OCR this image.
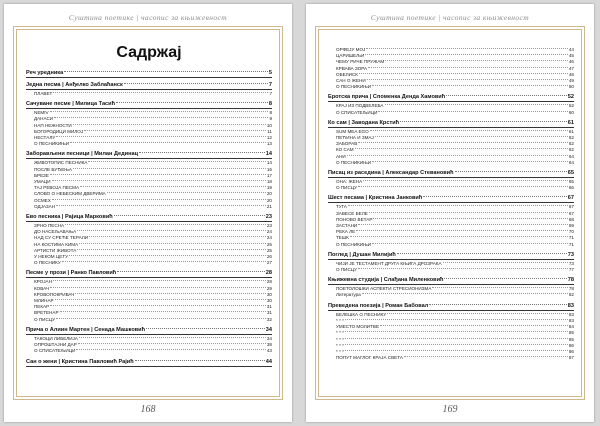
Суштина поетике | часопис за књижевност
Садржај
Реч уредника	5
Једна песма | Анђелко Заблаћанск	7
ПЛАВЕТ	7
Сачуване песме | Милица Тасић	8
NEMIV	8
ДАНАСИ	9
НАП НЕЖНОСТИ	10
БОГОРОДИЦИ МИЛОЈ	11
НЕСТАЛУ	12
О ПЕСНИКИЊИ	13
Заборављени песници | Милан Дединац	14
ЖИВОТОПИС ПЕСНИКА	14
ПОСЛЕ БУЂЕЊА	16
БРЕЗЕ	17
УМАЦИ	18
ТАЈ РЕВОЈА ПЕСМА	19
СЛОВО О НЕБЕСКИМ ДВЕРИМА	20
ОСМЕХ	20
ОДЈАЗАН	21
Ево песника | Рајица Марковић	23
ЗРНО ПЕСНА	23
ДО НАСЕЉАВАЊА	24
НАД СУ СРЕЋЕ ТЕРАЛИ	24
НА КОСТИМА КИМА	25
АРТИСТИ ЖИВОТА	25
У НЕКОМ ЦЕТУ	26
О ПЕСНИКУ	27
Песме у прози | Ранко Павловић	28
КРОЈАН	28
КОВАЧ	29
КРОВОПОКРИВАЧ	30
МЛИНАР	30
ПЕКАР	31
ВРЕТЕНАР	31
О ПИСЦУ	32
Прича о Алиин Мартен | Сенада Машковић	34
ТАКОЦИ ЛИБЕЛИЈА	34
ОПРОШТАЈНИ ДАР	38
О СПИСАТЕЉИЦИ	43
Сан о жени | Кристина Павловић Рајић	44
168
Суштина поетике | часопис за књижевност
ОРФЕЈУ МОЈ	44
ЦАРИШЕЉИ	45
ЧЕМУ РИЧЕ ПРУЖАМ	46
КРВАВА ЗОРА	47
ОБЕЛИСК	48
САН О ЖЕНИ	49
О ПЕСНИКИЊИ	50
Еротска прича | Споменка Денда Хамовић	52
КРАЈ ИЗ ПОДВЕЛЕБА	52
О СПИСАТЕЉИЦИ	60
Ко сам | Заводана Крстић	61
SUM MEA EGO	61
ПЕЋИНА И ЗМАЈ	62
ЗАБОРАВ	62
КО САМ	62
АНИ	64
О ПЕСНИКИЊИ	64
Писац из раседина | Александар Стевановић	65
ОНА: ЖЕНА	65
О ПИСЦУ	66
Шест песама | Кристина Јанковић	67
ТУГА	67
ЗАВЕСЕ БЕЛЕ	67
ПОНОВО ВЕТАР	68
ЗАСТАНИ	69
РЕКА ЛЕ	70
ТЕШК	71
О ПЕСНИКИЊИ	71
Поглед | Душан Милијић	73
ЧИЈИ ЈЕ ТЕСТАМЕНТ ДРУГА КЊИГА ДРОЗРАКА	73
О ПИСЦУ	77
Књижевна студија | Слађана Миленковић	78
ПОЕТОЛОШКИ АСПЕКТИ СТРЕСИОНИЗМА	78
Литература	82
Преведена поезија | Роман Бабовал	83
БЕЛЕШКА О ПЕСНИКУ	83
* * *	83
УМЕСТО МОЛИТВЕ	84
* * *	85
* * *	85
* * *	86
* * *	86
ПОПУТ МАГЛОГ КРАЈА СВЕТА	87
169
